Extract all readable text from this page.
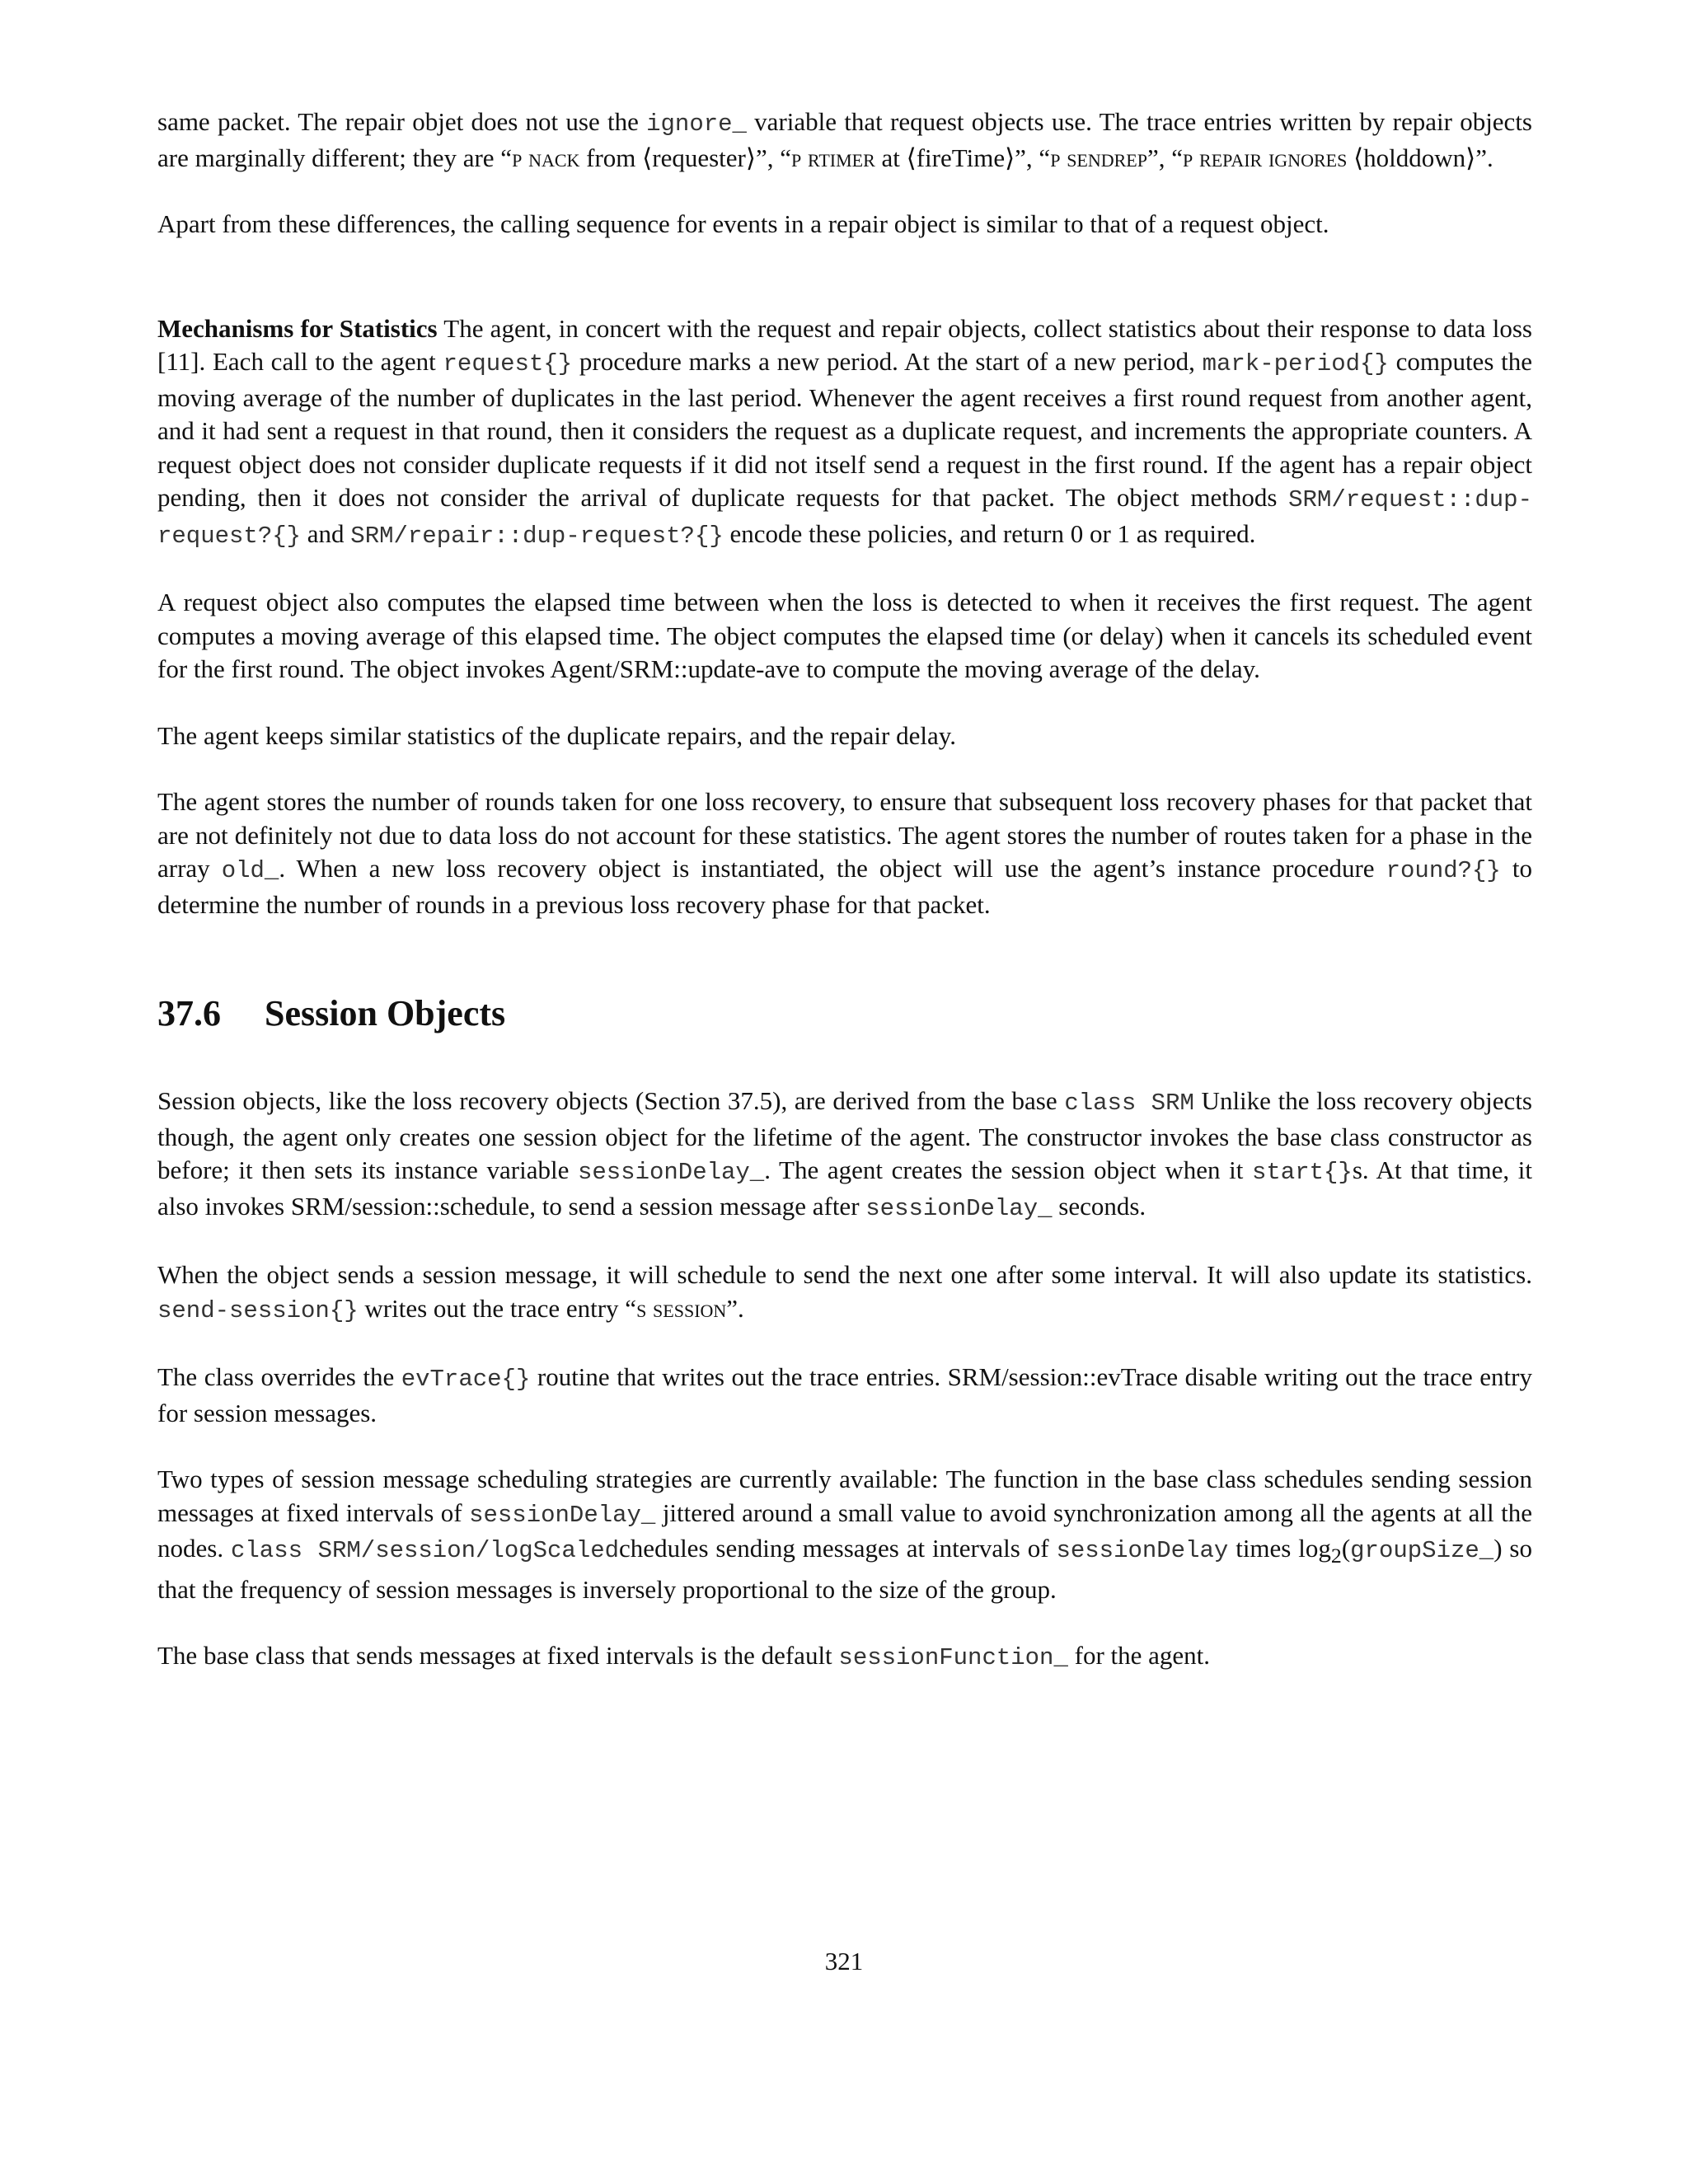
same packet. The repair objet does not use the ignore_ variable that request objects use. The trace entries written by repair objects are marginally different; they are “p nack from ⟨requester⟩”, “p rtimer at ⟨fireTime⟩”, “p sendrep”, “p repair ignores ⟨holddown⟩”.

Apart from these differences, the calling sequence for events in a repair object is similar to that of a request object.

Mechanisms for Statistics The agent, in concert with the request and repair objects, collect statistics about their response to data loss [11]. Each call to the agent request{} procedure marks a new period. At the start of a new period, mark-period{} computes the moving average of the number of duplicates in the last period. Whenever the agent receives a first round request from another agent, and it had sent a request in that round, then it considers the request as a duplicate request, and increments the appropriate counters. A request object does not consider duplicate requests if it did not itself send a request in the first round. If the agent has a repair object pending, then it does not consider the arrival of duplicate requests for that packet. The object methods SRM/request::dup-request?{} and SRM/repair::dup-request?{} encode these policies, and return 0 or 1 as required.

A request object also computes the elapsed time between when the loss is detected to when it receives the first request. The agent computes a moving average of this elapsed time. The object computes the elapsed time (or delay) when it cancels its scheduled event for the first round. The object invokes Agent/SRM::update-ave to compute the moving average of the delay.

The agent keeps similar statistics of the duplicate repairs, and the repair delay.

The agent stores the number of rounds taken for one loss recovery, to ensure that subsequent loss recovery phases for that packet that are not definitely not due to data loss do not account for these statistics. The agent stores the number of routes taken for a phase in the array old_. When a new loss recovery object is instantiated, the object will use the agent’s instance procedure round?{} to determine the number of rounds in a previous loss recovery phase for that packet.

37.6 Session Objects

Session objects, like the loss recovery objects (Section 37.5), are derived from the base class SRM Unlike the loss recovery objects though, the agent only creates one session object for the lifetime of the agent. The constructor invokes the base class constructor as before; it then sets its instance variable sessionDelay_. The agent creates the session object when it start{}s. At that time, it also invokes SRM/session::schedule, to send a session message after sessionDelay_ seconds.

When the object sends a session message, it will schedule to send the next one after some interval. It will also update its statistics. send-session{} writes out the trace entry “s session”.

The class overrides the evTrace{} routine that writes out the trace entries. SRM/session::evTrace disable writing out the trace entry for session messages.

Two types of session message scheduling strategies are currently available: The function in the base class schedules sending session messages at fixed intervals of sessionDelay_ jittered around a small value to avoid synchronization among all the agents at all the nodes. class SRM/session/logScaledchedules sending messages at intervals of sessionDelay times $\log_2(groupSize\_)$ so that the frequency of session messages is inversely proportional to the size of the group.

The base class that sends messages at fixed intervals is the default sessionFunction_ for the agent.

321
